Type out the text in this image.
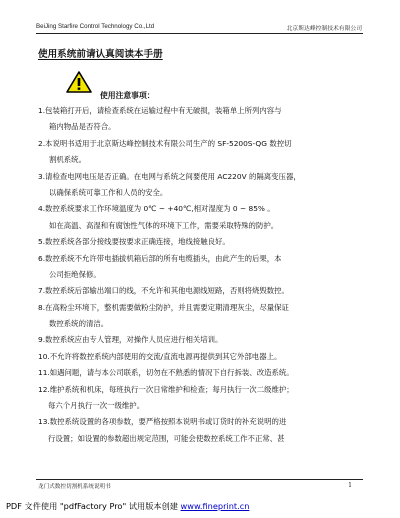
BeiJing Starfire Control Technology Co.,Ltd	北京斯达峰控制技术有限公司
使用系统前请认真阅读本手册
使用注意事项：
1.包装箱打开后，请检查系统在运输过程中有无破损，装箱单上所列内容与
箱内物品是否符合。
2.本说明书适用于北京斯达峰控制技术有限公司生产的 SF-5200S-QG 数控切
割机系统。
3.请检查电网电压是否正确。在电网与系统之间要使用 AC220V 的隔离变压器，
以确保系统可靠工作和人员的安全。
4.数控系统要求工作环境温度为 0℃ ~ +40℃,相对湿度为 0 ~ 85% 。
如在高温、高湿和有腐蚀性气体的环境下工作，需要采取特殊的防护。
5.数控系统各部分接线要按要求正确连接，地线接触良好。
6.数控系统不允许带电插拔机箱后部的所有电缆插头，由此产生的后果，本
公司拒绝保修。
7.数控系统后部输出端口的线，不允许和其他电源线短路，否则将烧毁数控。
8.在高粉尘环境下，整机需要做粉尘防护，并且需要定期清理灰尘，尽量保证
数控系统的清洁。
9.数控系统应由专人管理，对操作人员应进行相关培训。
10.不允许将数控系统内部使用的交流/直流电源再提供到其它外部电器上。
11.如遇问题，请与本公司联系，切勿在不熟悉的情况下自行拆装、改造系统。
12.维护系统和机床，每班执行一次日常维护和检查；每月执行一次二级维护；
每六个月执行一次一级维护。
13.数控系统设置的各项参数，要严格按照本说明书或订货时的补充说明的进
行设置；如设置的参数超出规定范围，可能会使数控系统工作不正常、甚
龙门式数控切割机系统说明书	1
PDF 文件使用 "pdfFactory Pro" 试用版本创建 www.fineprint.cn
